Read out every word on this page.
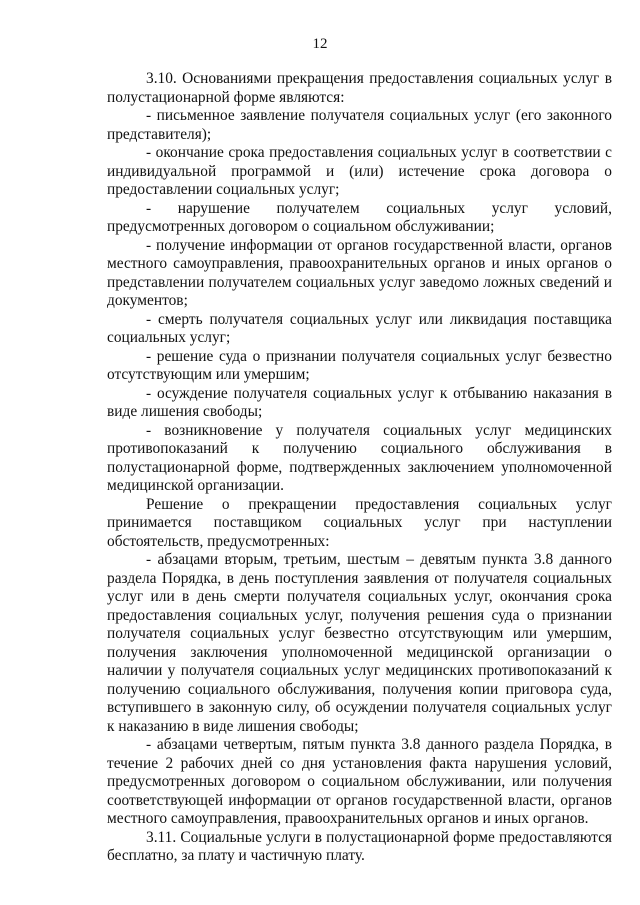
12

3.10. Основаниями прекращения предоставления социальных услуг в полустационарной форме являются:

- письменное заявление получателя социальных услуг (его законного представителя);

- окончание срока предоставления социальных услуг в соответствии с индивидуальной программой и (или) истечение срока договора о предоставлении социальных услуг;

- нарушение получателем социальных услуг условий, предусмотренных договором о социальном обслуживании;

- получение информации от органов государственной власти, органов местного самоуправления, правоохранительных органов и иных органов о представлении получателем социальных услуг заведомо ложных сведений и документов;

- смерть получателя социальных услуг или ликвидация поставщика социальных услуг;

- решение суда о признании получателя социальных услуг безвестно отсутствующим или умершим;

- осуждение получателя социальных услуг к отбыванию наказания в виде лишения свободы;

- возникновение у получателя социальных услуг медицинских противопоказаний к получению социального обслуживания в полустационарной форме, подтвержденных заключением уполномоченной медицинской организации.

Решение о прекращении предоставления социальных услуг принимается поставщиком социальных услуг при наступлении обстоятельств, предусмотренных:

- абзацами вторым, третьим, шестым – девятым пункта 3.8 данного раздела Порядка, в день поступления заявления от получателя социальных услуг или в день смерти получателя социальных услуг, окончания срока предоставления социальных услуг, получения решения суда о признании получателя социальных услуг безвестно отсутствующим или умершим, получения заключения уполномоченной медицинской организации о наличии у получателя социальных услуг медицинских противопоказаний к получению социального обслуживания, получения копии приговора суда, вступившего в законную силу, об осуждении получателя социальных услуг к наказанию в виде лишения свободы;

- абзацами четвертым, пятым пункта 3.8 данного раздела Порядка, в течение 2 рабочих дней со дня установления факта нарушения условий, предусмотренных договором о социальном обслуживании, или получения соответствующей информации от органов государственной власти, органов местного самоуправления, правоохранительных органов и иных органов.

3.11. Социальные услуги в полустационарной форме предоставляются бесплатно, за плату и частичную плату.
